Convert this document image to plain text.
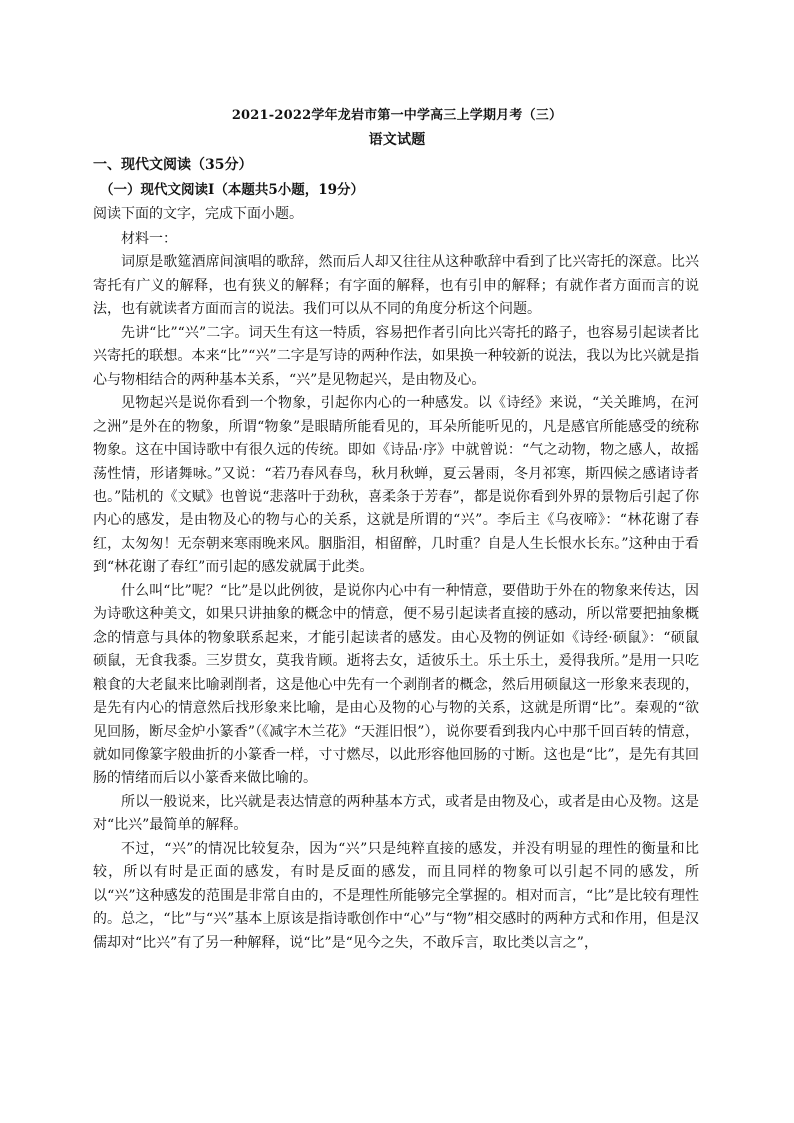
2021-2022学年龙岩市第一中学高三上学期月考（三）
语文试题
一、现代文阅读（35分）
（一）现代文阅读Ⅰ（本题共5小题，19分）
阅读下面的文字，完成下面小题。

材料一：

词原是歌筵酒席间演唱的歌辞，然而后人却又往往从这种歌辞中看到了比兴寄托的深意。比兴寄托有广义的解释，也有狭义的解释；有字面的解释，也有引申的解释；有就作者方面而言的说法，也有就读者方面而言的说法。我们可以从不同的角度分析这个问题。

先讲“比”“兴”二字。词天生有这一特质，容易把作者引向比兴寄托的路子，也容易引起读者比兴寄托的联想。本来“比”“兴”二字是写诗的两种作法，如果换一种较新的说法，我以为比兴就是指心与物相结合的两种基本关系，“兴”是见物起兴，是由物及心。

见物起兴是说你看到一个物象，引起你内心的一种感发。以《诗经》来说，“关关雎鸠，在河之洲”是外在的物象，所谓“物象”是眼睛所能看见的，耳朵所能听见的，凡是感官所能感受的统称物象。这在中国诗歌中有很久远的传统。即如《诗品·序》中就曾说：“气之动物，物之感人，故摇荡性情，形诸舞咏。”又说：“若乃春风春鸟，秋月秋蝉，夏云暑雨，冬月祁寒，斯四候之感诸诗者也。”陆机的《文赋》也曾说“悲落叶于劲秋，喜柔条于芳春”，都是说你看到外界的景物后引起了你内心的感发，是由物及心的物与心的关系，这就是所谓的“兴”。李后主《乌夜啼》：“林花谢了春红，太匆匆！无奈朝来寒雨晚来风。胭脂泪，相留醉，几时重？自是人生长恨水长东。”这种由于看到“林花谢了春红”而引起的感发就属于此类。

什么叫“比”呢？“比”是以此例彼，是说你内心中有一种情意，要借助于外在的物象来传达，因为诗歌这种美文，如果只讲抽象的概念中的情意，便不易引起读者直接的感动，所以常要把抽象概念的情意与具体的物象联系起来，才能引起读者的感发。由心及物的例证如《诗经·硕鼠》：“硕鼠硕鼠，无食我黍。三岁贯女，莫我肯顾。逝将去女，适彼乐土。乐土乐土，爰得我所。”是用一只吃粮食的大老鼠来比喻剥削者，这是他心中先有一个剥削者的概念，然后用硕鼠这一形象来表现的，是先有内心的情意然后找形象来比喻，是由心及物的心与物的关系，这就是所谓“比”。秦观的“欲见回肠，断尽金炉小篆香”（《减字木兰花》“天涯旧恨”），说你要看到我内心中那千回百转的情意，就如同像篆字般曲折的小篆香一样，寸寸燃尽，以此形容他回肠的寸断。这也是“比”，是先有其回肠的情绪而后以小篆香来做比喻的。

所以一般说来，比兴就是表达情意的两种基本方式，或者是由物及心，或者是由心及物。这是对“比兴”最简单的解释。

不过，“兴”的情况比较复杂，因为“兴”只是纯粹直接的感发，并没有明显的理性的衡量和比较，所以有时是正面的感发，有时是反面的感发，而且同样的物象可以引起不同的感发，所以“兴”这种感发的范围是非常自由的，不是理性所能够完全掌握的。相对而言，“比”是比较有理性的。总之，“比”与“兴”基本上原该是指诗歌创作中“心”与“物”相交感时的两种方式和作用，但是汉儒却对“比兴”有了另一种解释，说“比”是“见今之失，不敢斥言，取比类以言之”，
